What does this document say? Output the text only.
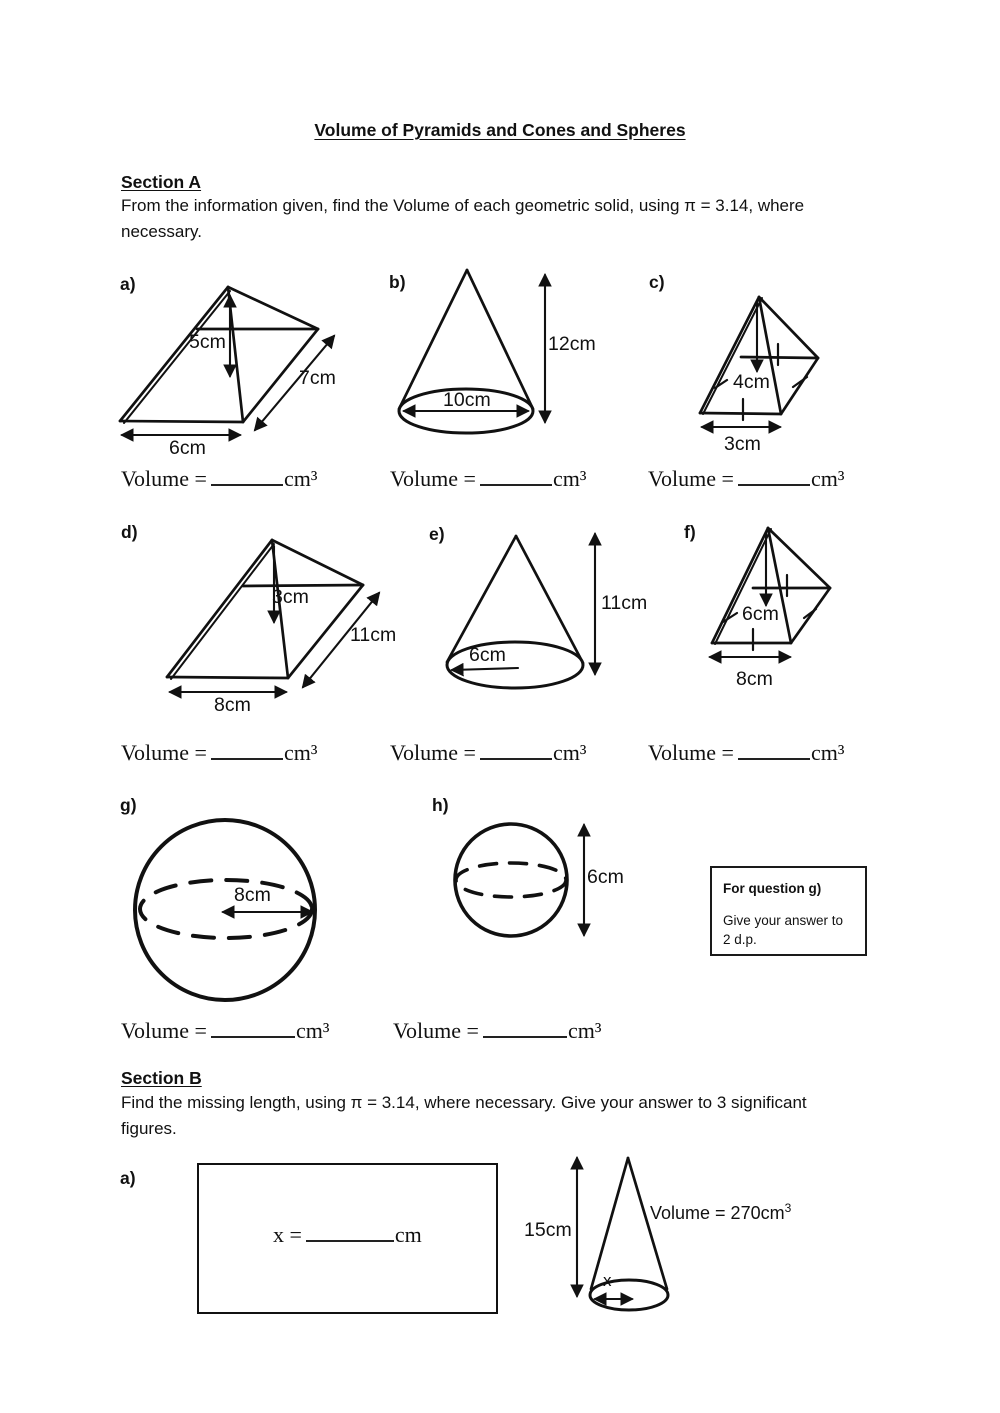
Volume of Pyramids and Cones and Spheres
Section A
From the information given, find the Volume of each geometric solid, using π = 3.14, where
necessary.
a)
5cm
7cm
6cm
b)
10cm
12cm
c)
4cm
3cm
Volume =	cm³	Volume =	cm³	Volume =	cm³
d)
3cm
11cm
8cm
e)
6cm
11cm
f)
6cm
8cm
Volume =	cm³	Volume =	cm³	Volume =	cm³
g)
8cm
h)
6cm
For question g)
Give your answer to
2 d.p.
Volume =	cm³	Volume =	cm³
Section B
Find the missing length, using π = 3.14, where necessary. Give your answer to 3 significant
figures.
a)
x =	cm	15cm
x
Volume = $270cm^3$
